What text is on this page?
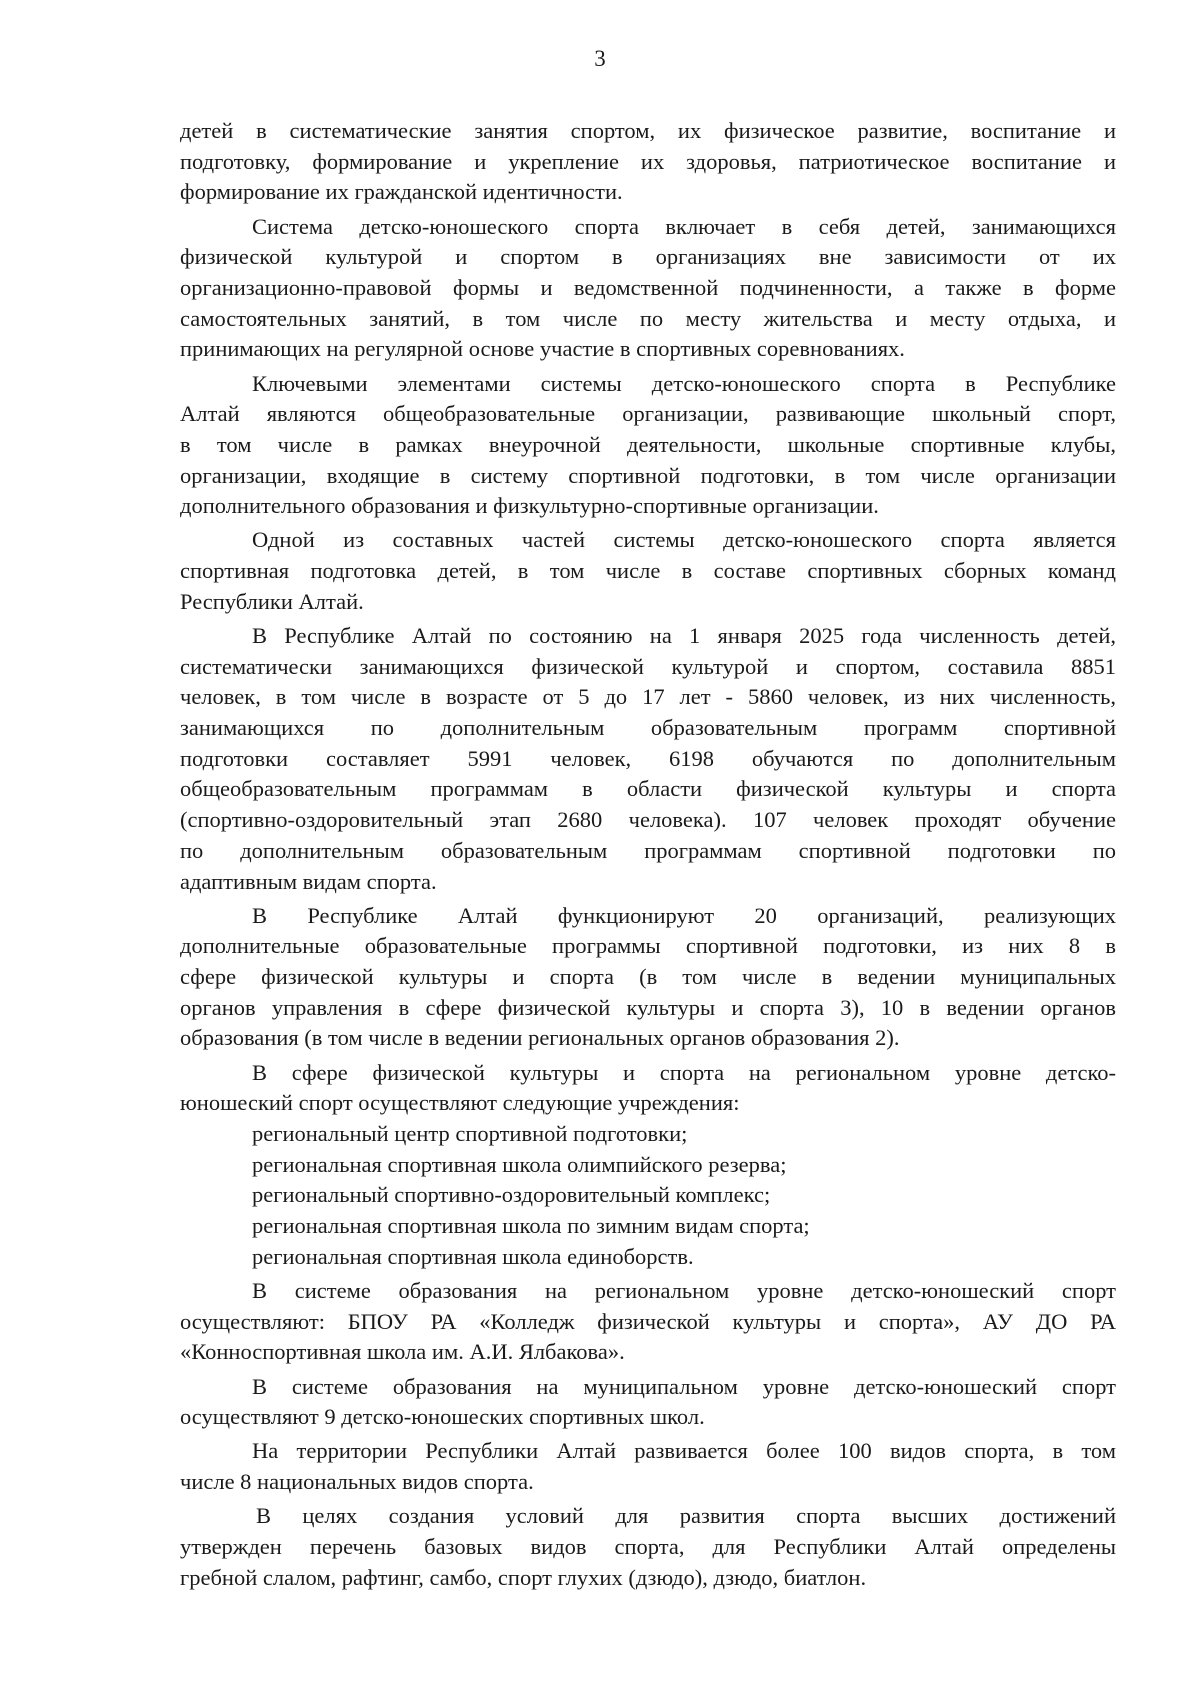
3
детей в систематические занятия спортом, их физическое развитие, воспитание и
подготовку, формирование и укрепление их здоровья, патриотическое воспитание и
формирование их гражданской идентичности.
Система детско-юношеского спорта включает в себя детей, занимающихся
физической культурой и спортом в организациях вне зависимости от их
организационно-правовой формы и ведомственной подчиненности, а также в форме
самостоятельных занятий, в том числе по месту жительства и месту отдыха, и
принимающих на регулярной основе участие в спортивных соревнованиях.
Ключевыми элементами системы детско-юношеского спорта в Республике
Алтай являются общеобразовательные организации, развивающие школьный спорт,
в том числе в рамках внеурочной деятельности, школьные спортивные клубы,
организации, входящие в систему спортивной подготовки, в том числе организации
дополнительного образования и физкультурно-спортивные организации.
Одной из составных частей системы детско-юношеского спорта является
спортивная подготовка детей, в том числе в составе спортивных сборных команд
Республики Алтай.
В Республике Алтай по состоянию на 1 января 2025 года численность детей,
систематически занимающихся физической культурой и спортом, составила 8851
человек, в том числе в возрасте от 5 до 17 лет - 5860 человек, из них численность,
занимающихся по дополнительным образовательным программ спортивной
подготовки составляет 5991 человек, 6198 обучаются по дополнительным
общеобразовательным программам в области физической культуры и спорта
(спортивно-оздоровительный этап 2680 человека). 107 человек проходят обучение
по дополнительным образовательным программам спортивной подготовки по
адаптивным видам спорта.
В Республике Алтай функционируют 20 организаций, реализующих
дополнительные образовательные программы спортивной подготовки, из них 8 в
сфере физической культуры и спорта (в том числе в ведении муниципальных
органов управления в сфере физической культуры и спорта 3), 10 в ведении органов
образования (в том числе в ведении региональных органов образования 2).
В сфере физической культуры и спорта на региональном уровне детско-
юношеский спорт осуществляют следующие учреждения:
региональный центр спортивной подготовки;
региональная спортивная школа олимпийского резерва;
региональный спортивно-оздоровительный комплекс;
региональная спортивная школа по зимним видам спорта;
региональная спортивная школа единоборств.
В системе образования на региональном уровне детско-юношеский спорт
осуществляют: БПОУ РА «Колледж физической культуры и спорта», АУ ДО РА
«Конноспортивная школа им. А.И. Ялбакова».
В системе образования на муниципальном уровне детско-юношеский спорт
осуществляют 9 детско-юношеских спортивных школ.
На территории Республики Алтай развивается более 100 видов спорта, в том
числе 8 национальных видов спорта.
В целях создания условий для развития спорта высших достижений
утвержден перечень базовых видов спорта, для Республики Алтай определены
гребной слалом, рафтинг, самбо, спорт глухих (дзюдо), дзюдо, биатлон.
